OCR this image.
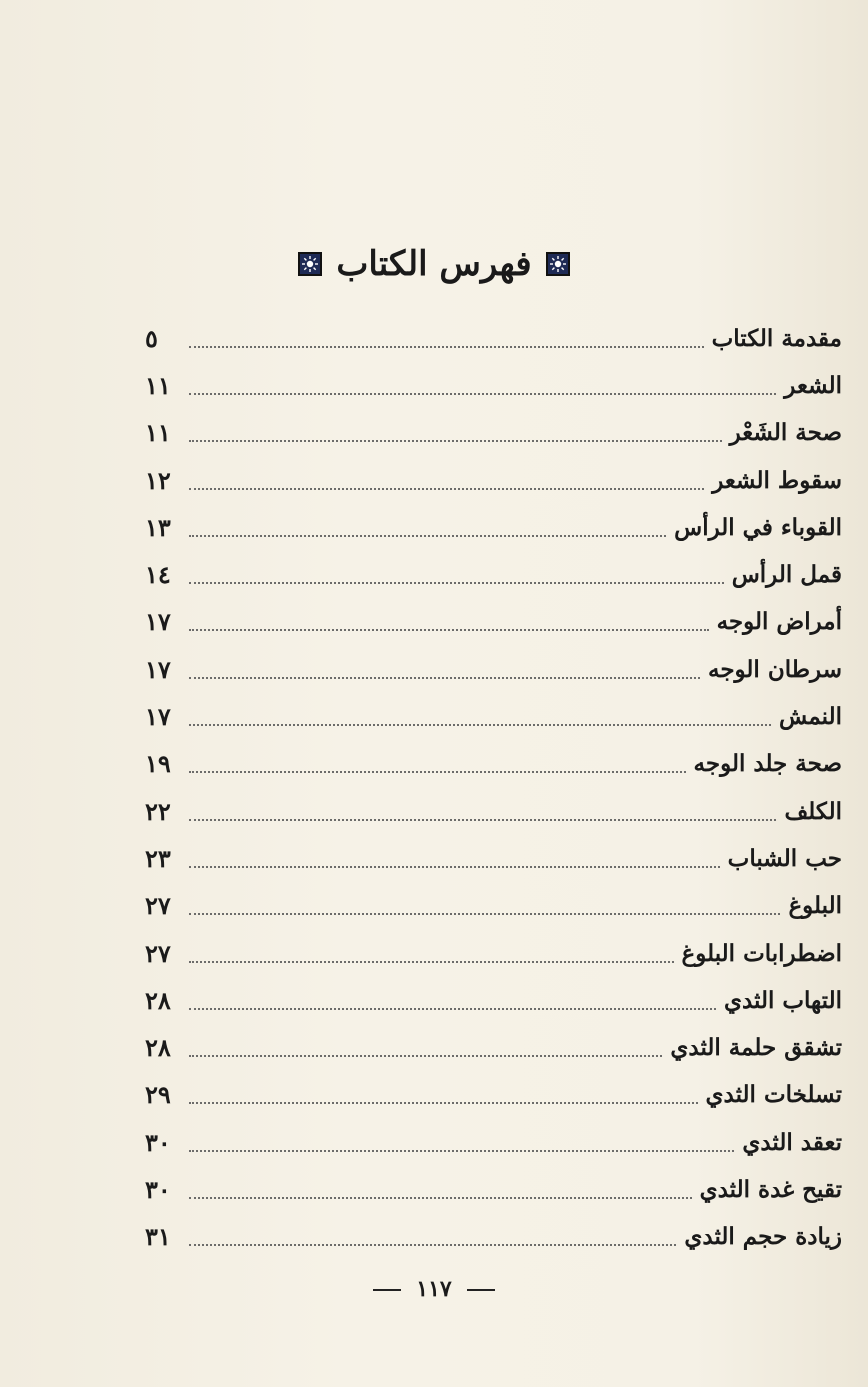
فهرس الكتاب
مقدمة الكتاب
٥
الشعر
١١
صحة الشَعْر
١١
سقوط الشعر
١٢
القوباء في الرأس
١٣
قمل الرأس
١٤
أمراض الوجه
١٧
سرطان الوجه
١٧
النمش
١٧
صحة جلد الوجه
١٩
الكلف
٢٢
حب الشباب
٢٣
البلوغ
٢٧
اضطرابات البلوغ
٢٧
التهاب الثدي
٢٨
تشقق حلمة الثدي
٢٨
تسلخات الثدي
٢٩
تعقد الثدي
٣٠
تقيح غدة الثدي
٣٠
زيادة حجم الثدي
٣١
١١٧
